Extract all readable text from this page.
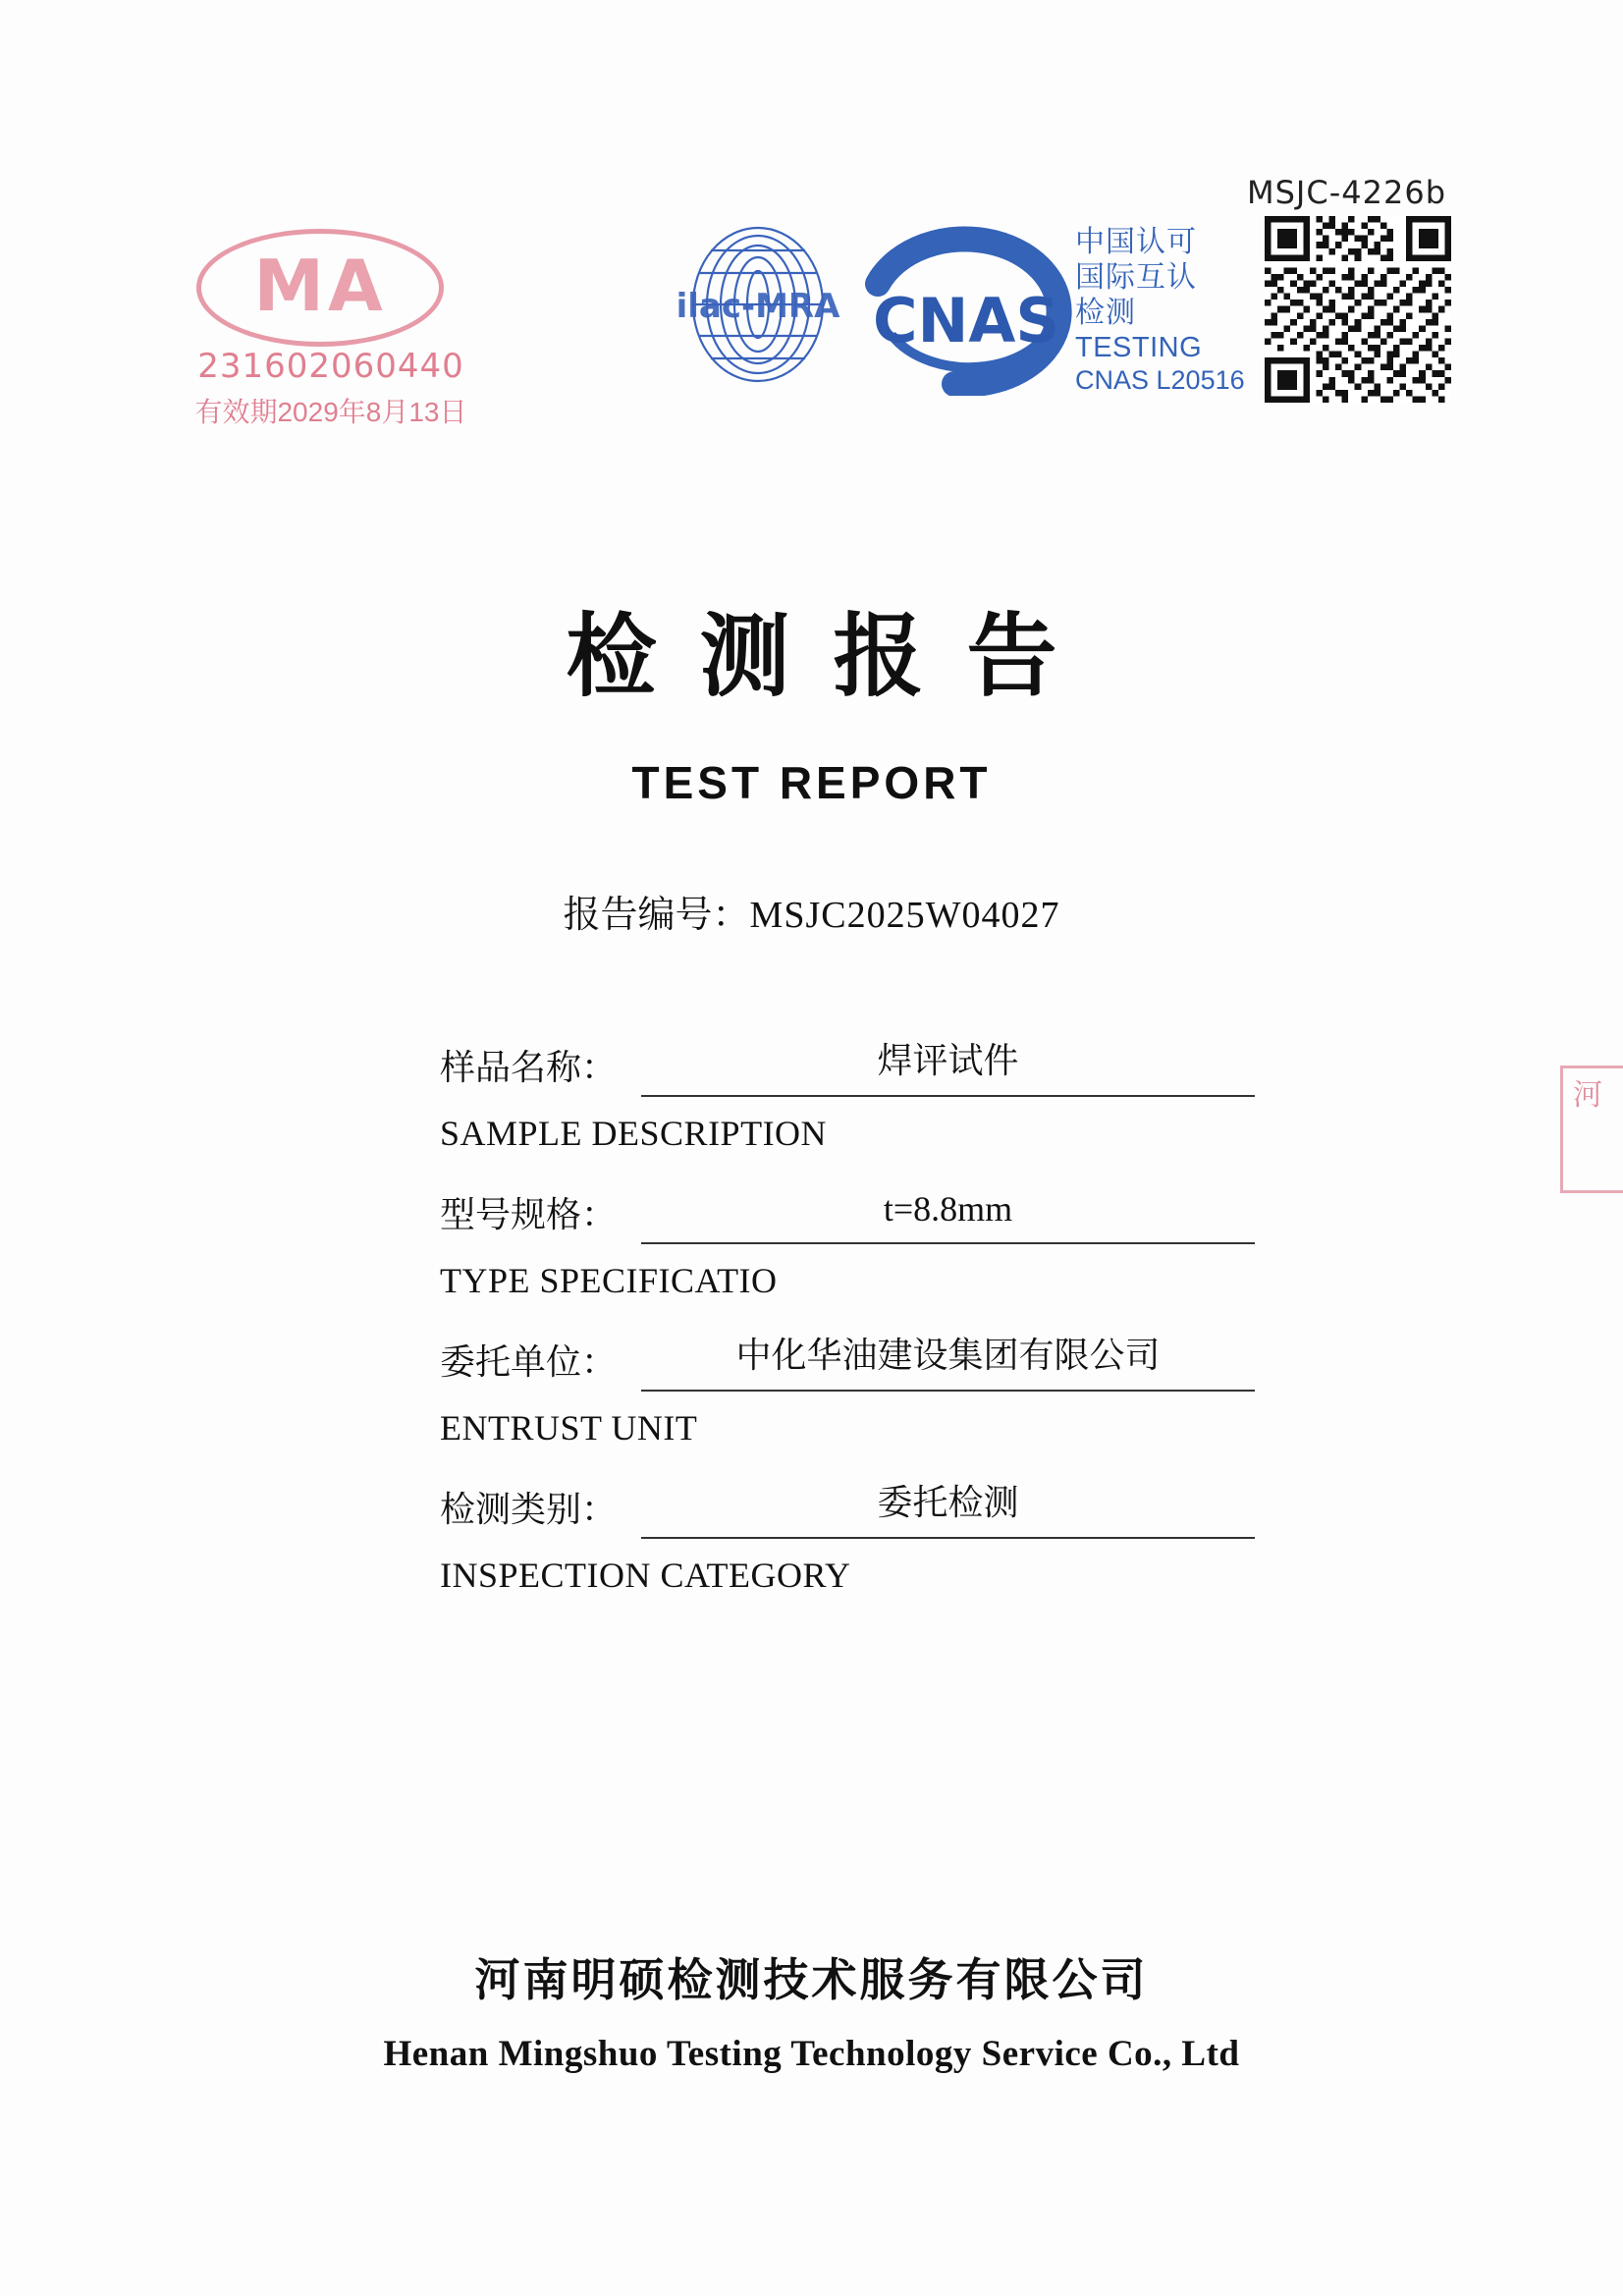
MA
231602060440
有效期2029年8月13日
ilac-MRA CNAS
中国认可
国际互认
检测
TESTING
CNAS L20516
MSJC-4226b
检测报告
TEST REPORT
报告编号：MSJC2025W04027
样品名称：	焊评试件
SAMPLE DESCRIPTION
型号规格：	t=8.8mm
TYPE SPECIFICATIO
委托单位：	中化华油建设集团有限公司
ENTRUST UNIT
检测类别：	委托检测
INSPECTION CATEGORY
河
河南明硕检测技术服务有限公司
Henan Mingshuo Testing Technology Service Co., Ltd
